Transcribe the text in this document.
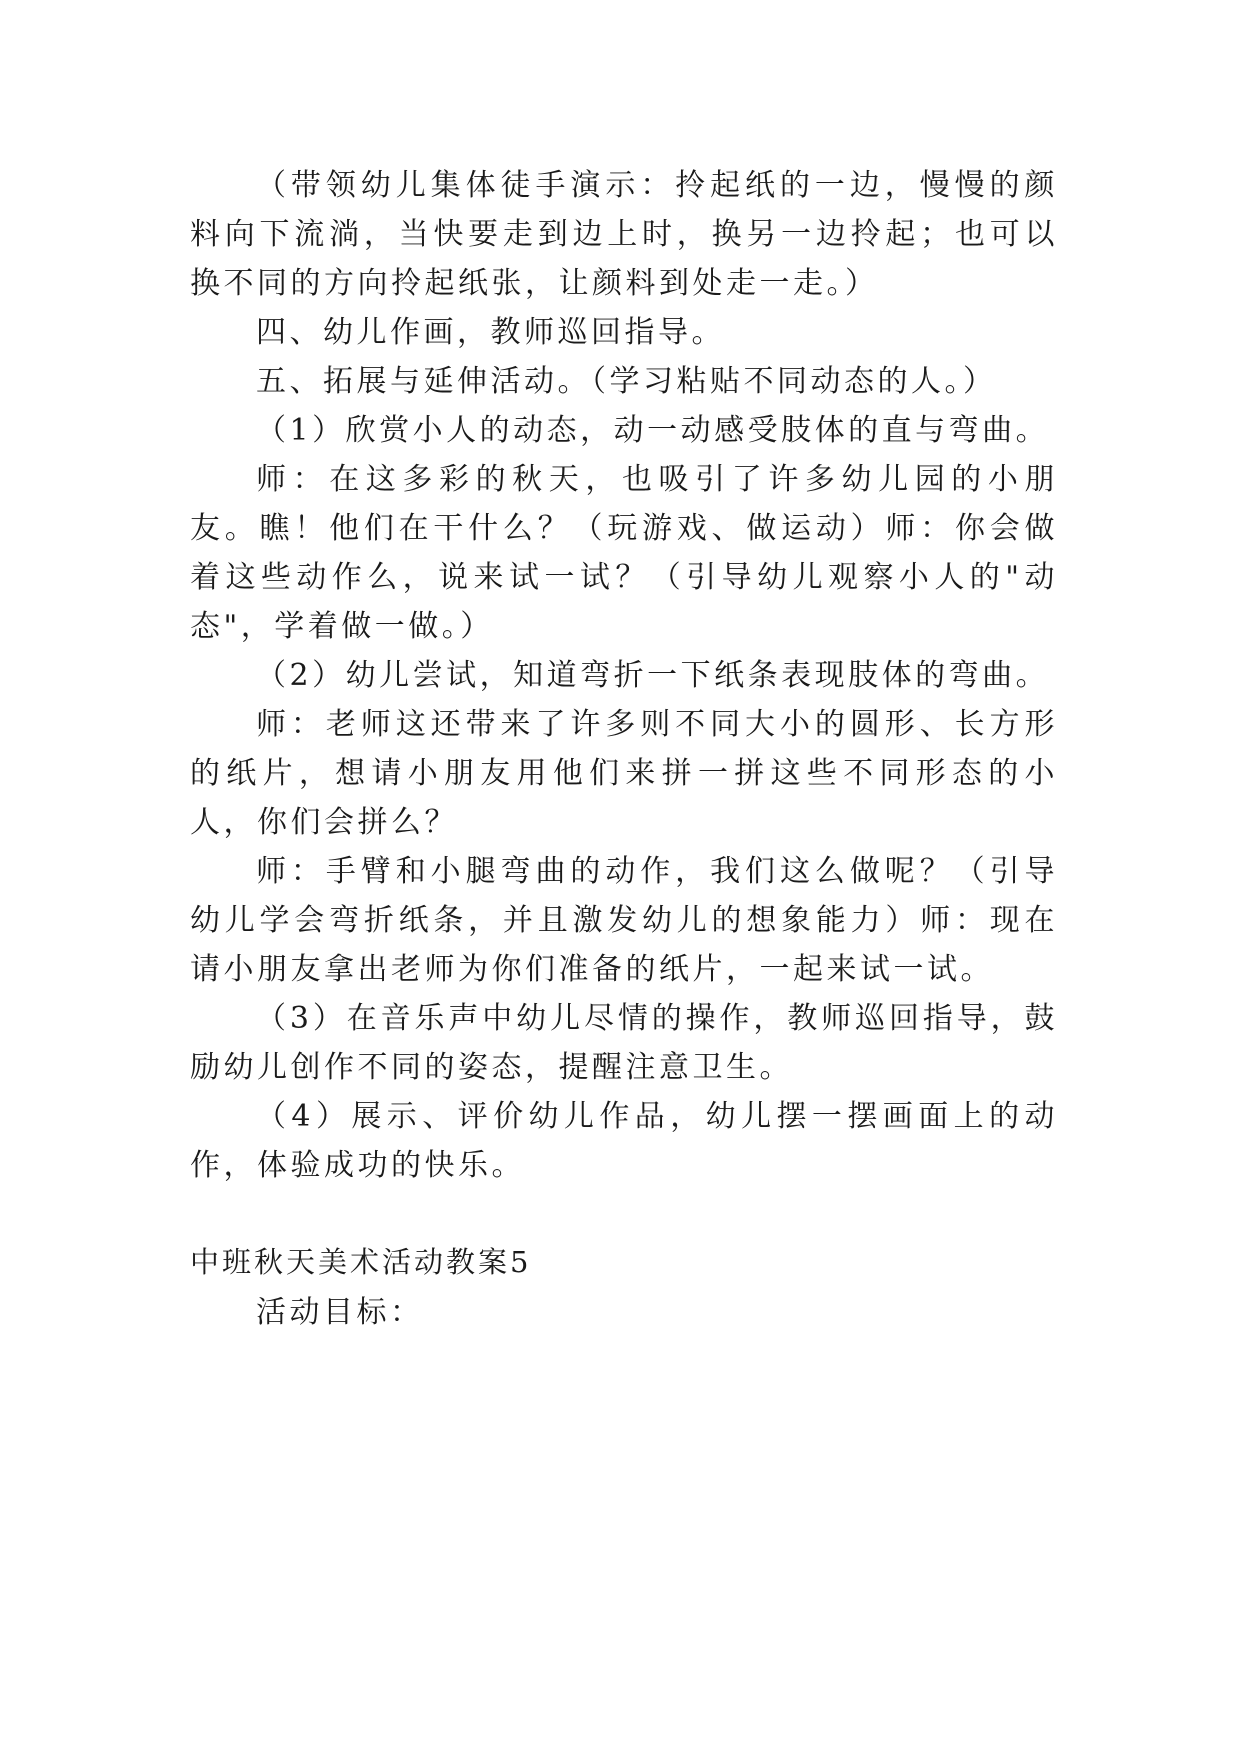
（带领幼儿集体徒手演示：拎起纸的一边，慢慢的颜料向下流淌，当快要走到边上时，换另一边拎起；也可以换不同的方向拎起纸张，让颜料到处走一走。）

四、幼儿作画，教师巡回指导。

五、拓展与延伸活动。（学习粘贴不同动态的人。）

（1）欣赏小人的动态，动一动感受肢体的直与弯曲。

师：在这多彩的秋天，也吸引了许多幼儿园的小朋友。瞧！他们在干什么？（玩游戏、做运动）师：你会做着这些动作么，说来试一试？（引导幼儿观察小人的"动态"，学着做一做。）

（2）幼儿尝试，知道弯折一下纸条表现肢体的弯曲。

师：老师这还带来了许多则不同大小的圆形、长方形的纸片，想请小朋友用他们来拼一拼这些不同形态的小人，你们会拼么？

师：手臂和小腿弯曲的动作，我们这么做呢？（引导幼儿学会弯折纸条，并且激发幼儿的想象能力）师：现在请小朋友拿出老师为你们准备的纸片，一起来试一试。

（3）在音乐声中幼儿尽情的操作，教师巡回指导，鼓励幼儿创作不同的姿态，提醒注意卫生。

（4）展示、评价幼儿作品，幼儿摆一摆画面上的动作，体验成功的快乐。

中班秋天美术活动教案5

活动目标：
